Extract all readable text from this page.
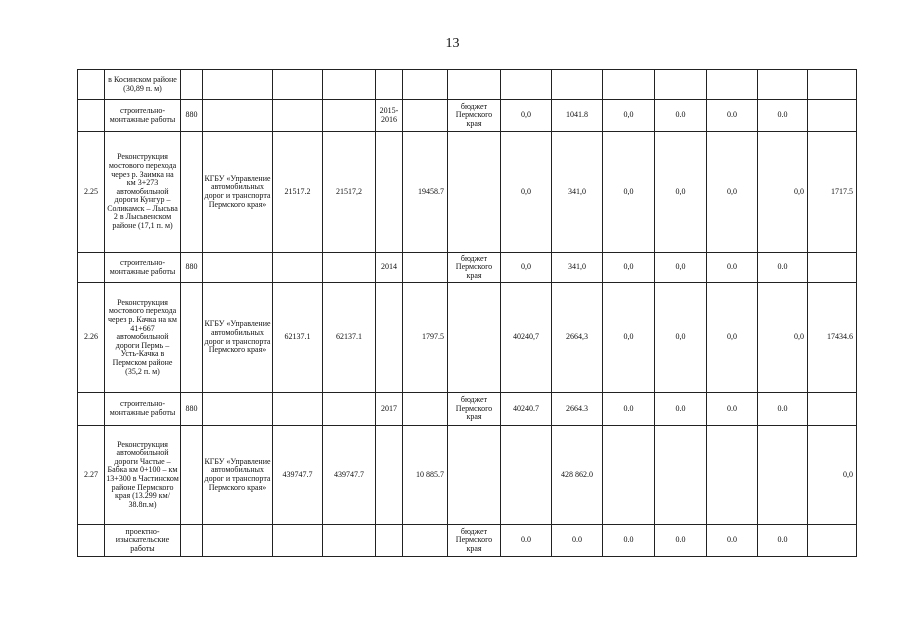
13
	в Косинском районе (30,89 п. м)														
	строительно-монтажные работы	880				2015-2016		бюджет Пермского края	0,0	1041.8	0,0	0.0	0.0	0.0	
2.25	Реконструкция мостового перехода через р. Заимка на км 3+273 автомобильной дороги Кунгур – Соликамск – Лысьва 2 в Лысьвенском районе (17,1 п. м)		КГБУ «Управление автомобильных дорог и транспорта Пермского края»	21517.2	21517,2		19458.7		0,0	341,0	0,0	0,0	0,0	0,0	1717.5
	строительно-монтажные работы	880				2014		бюджет Пермского края	0,0	341,0	0,0	0,0	0.0	0.0	
2.26	Реконструкция мостового перехода через р. Качка на км 41+667 автомобильной дороги Пермь – Усть-Качка в Пермском районе (35,2 п. м)		КГБУ «Управление автомобильных дорог и транспорта Пермского края»	62137.1	62137.1		1797.5		40240,7	2664,3	0,0	0,0	0,0	0,0	17434.6
	строительно-монтажные работы	880				2017		бюджет Пермского края	40240.7	2664.3	0.0	0.0	0.0	0.0	
2.27	Реконструкция автомобильной дороги Частые – Бабка км 0+100 – км 13+300 в Частинском районе Пермского края (13.299 км/ 38.8п.м)		КГБУ «Управление автомобильных дорог и транспорта Пермского края»	439747.7	439747.7		10 885.7			428 862.0					0,0
	проектно-изыскательские работы							бюджет Пермского края	0.0	0.0	0.0	0.0	0.0	0.0	
